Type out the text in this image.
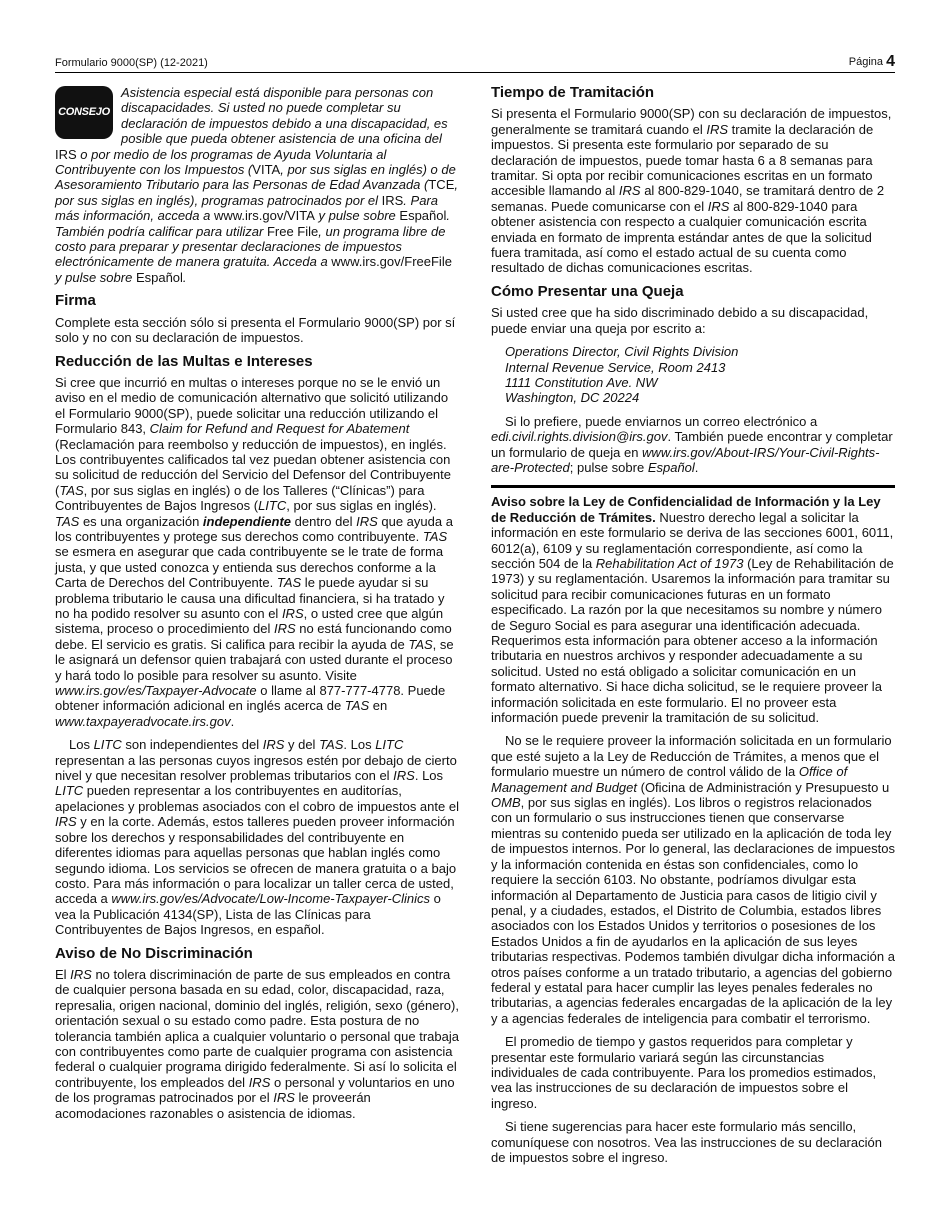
Formulario 9000(SP) (12-2021)	Página 4

CONSEJO
Asistencia especial está disponible para personas con discapacidades. Si usted no puede completar su declaración de impuestos debido a una discapacidad, es posible que pueda obtener asistencia de una oficina del IRS o por medio de los programas de Ayuda Voluntaria al Contribuyente con los Impuestos (VITA, por sus siglas en inglés) o de Asesoramiento Tributario para las Personas de Edad Avanzada (TCE, por sus siglas en inglés), programas patrocinados por el IRS. Para más información, acceda a www.irs.gov/VITA y pulse sobre Español. También podría calificar para utilizar Free File, un programa libre de costo para preparar y presentar declaraciones de impuestos electrónicamente de manera gratuita. Acceda a www.irs.gov/FreeFile y pulse sobre Español.

Firma

Complete esta sección sólo si presenta el Formulario 9000(SP) por sí solo y no con su declaración de impuestos.

Reducción de las Multas e Intereses

Si cree que incurrió en multas o intereses porque no se le envió un aviso en el medio de comunicación alternativo que solicitó utilizando el Formulario 9000(SP), puede solicitar una reducción utilizando el Formulario 843, Claim for Refund and Request for Abatement (Reclamación para reembolso y reducción de impuestos), en inglés. Los contribuyentes calificados tal vez puedan obtener asistencia con su solicitud de reducción del Servicio del Defensor del Contribuyente (TAS, por sus siglas en inglés) o de los Talleres (“Clínicas”) para Contribuyentes de Bajos Ingresos (LITC, por sus siglas en inglés). TAS es una organización independiente dentro del IRS que ayuda a los contribuyentes y protege sus derechos como contribuyente. TAS se esmera en asegurar que cada contribuyente se le trate de forma justa, y que usted conozca y entienda sus derechos conforme a la Carta de Derechos del Contribuyente. TAS le puede ayudar si su problema tributario le causa una dificultad financiera, si ha tratado y no ha podido resolver su asunto con el IRS, o usted cree que algún sistema, proceso o procedimiento del IRS no está funcionando como debe. El servicio es gratis. Si califica para recibir la ayuda de TAS, se le asignará un defensor quien trabajará con usted durante el proceso y hará todo lo posible para resolver su asunto. Visite www.irs.gov/es/Taxpayer-Advocate o llame al 877-777-4778. Puede obtener información adicional en inglés acerca de TAS en www.taxpayeradvocate.irs.gov.

Los LITC son independientes del IRS y del TAS. Los LITC representan a las personas cuyos ingresos estén por debajo de cierto nivel y que necesitan resolver problemas tributarios con el IRS. Los LITC pueden representar a los contribuyentes en auditorías, apelaciones y problemas asociados con el cobro de impuestos ante el IRS y en la corte. Además, estos talleres pueden proveer información sobre los derechos y responsabilidades del contribuyente en diferentes idiomas para aquellas personas que hablan inglés como segundo idioma. Los servicios se ofrecen de manera gratuita o a bajo costo. Para más información o para localizar un taller cerca de usted, acceda a www.irs.gov/es/Advocate/Low-Income-Taxpayer-Clinics o vea la Publicación 4134(SP), Lista de las Clínicas para Contribuyentes de Bajos Ingresos, en español.

Aviso de No Discriminación

El IRS no tolera discriminación de parte de sus empleados en contra de cualquier persona basada en su edad, color, discapacidad, raza, represalia, origen nacional, dominio del inglés, religión, sexo (género), orientación sexual o su estado como padre. Esta postura de no tolerancia también aplica a cualquier voluntario o personal que trabaja con contribuyentes como parte de cualquier programa con asistencia federal o cualquier programa dirigido federalmente. Si así lo solicita el contribuyente, los empleados del IRS o personal y voluntarios en uno de los programas patrocinados por el IRS le proveerán acomodaciones razonables o asistencia de idiomas.

Tiempo de Tramitación

Si presenta el Formulario 9000(SP) con su declaración de impuestos, generalmente se tramitará cuando el IRS tramite la declaración de impuestos. Si presenta este formulario por separado de su declaración de impuestos, puede tomar hasta 6 a 8 semanas para tramitar. Si opta por recibir comunicaciones escritas en un formato accesible llamando al IRS al 800-829-1040, se tramitará dentro de 2 semanas. Puede comunicarse con el IRS al 800-829-1040 para obtener asistencia con respecto a cualquier comunicación escrita enviada en formato de imprenta estándar antes de que la solicitud fuera tramitada, así como el estado actual de su cuenta como resultado de dichas comunicaciones escritas.

Cómo Presentar una Queja

Si usted cree que ha sido discriminado debido a su discapacidad, puede enviar una queja por escrito a:

Operations Director, Civil Rights Division
Internal Revenue Service, Room 2413
1111 Constitution Ave. NW
Washington, DC 20224

Si lo prefiere, puede enviarnos un correo electrónico a edi.civil.rights.division@irs.gov. También puede encontrar y completar un formulario de queja en www.irs.gov/About-IRS/Your-Civil-Rights-are-Protected; pulse sobre Español.

Aviso sobre la Ley de Confidencialidad de Información y la Ley de Reducción de Trámites. Nuestro derecho legal a solicitar la información en este formulario se deriva de las secciones 6001, 6011, 6012(a), 6109 y su reglamentación correspondiente, así como la sección 504 de la Rehabilitation Act of 1973 (Ley de Rehabilitación de 1973) y su reglamentación. Usaremos la información para tramitar su solicitud para recibir comunicaciones futuras en un formato especificado. La razón por la que necesitamos su nombre y número de Seguro Social es para asegurar una identificación adecuada. Requerimos esta información para obtener acceso a la información tributaria en nuestros archivos y responder adecuadamente a su solicitud. Usted no está obligado a solicitar comunicación en un formato alternativo. Si hace dicha solicitud, se le requiere proveer la información solicitada en este formulario. El no proveer esta información puede prevenir la tramitación de su solicitud.

No se le requiere proveer la información solicitada en un formulario que esté sujeto a la Ley de Reducción de Trámites, a menos que el formulario muestre un número de control válido de la Office of Management and Budget (Oficina de Administración y Presupuesto u OMB, por sus siglas en inglés). Los libros o registros relacionados con un formulario o sus instrucciones tienen que conservarse mientras su contenido pueda ser utilizado en la aplicación de toda ley de impuestos internos. Por lo general, las declaraciones de impuestos y la información contenida en éstas son confidenciales, como lo requiere la sección 6103. No obstante, podríamos divulgar esta información al Departamento de Justicia para casos de litigio civil y penal, y a ciudades, estados, el Distrito de Columbia, estados libres asociados con los Estados Unidos y territorios o posesiones de los Estados Unidos a fin de ayudarlos en la aplicación de sus leyes tributarias respectivas. Podemos también divulgar dicha información a otros países conforme a un tratado tributario, a agencias del gobierno federal y estatal para hacer cumplir las leyes penales federales no tributarias, a agencias federales encargadas de la aplicación de la ley y a agencias federales de inteligencia para combatir el terrorismo.

El promedio de tiempo y gastos requeridos para completar y presentar este formulario variará según las circunstancias individuales de cada contribuyente. Para los promedios estimados, vea las instrucciones de su declaración de impuestos sobre el ingreso.

Si tiene sugerencias para hacer este formulario más sencillo, comuníquese con nosotros. Vea las instrucciones de su declaración de impuestos sobre el ingreso.
